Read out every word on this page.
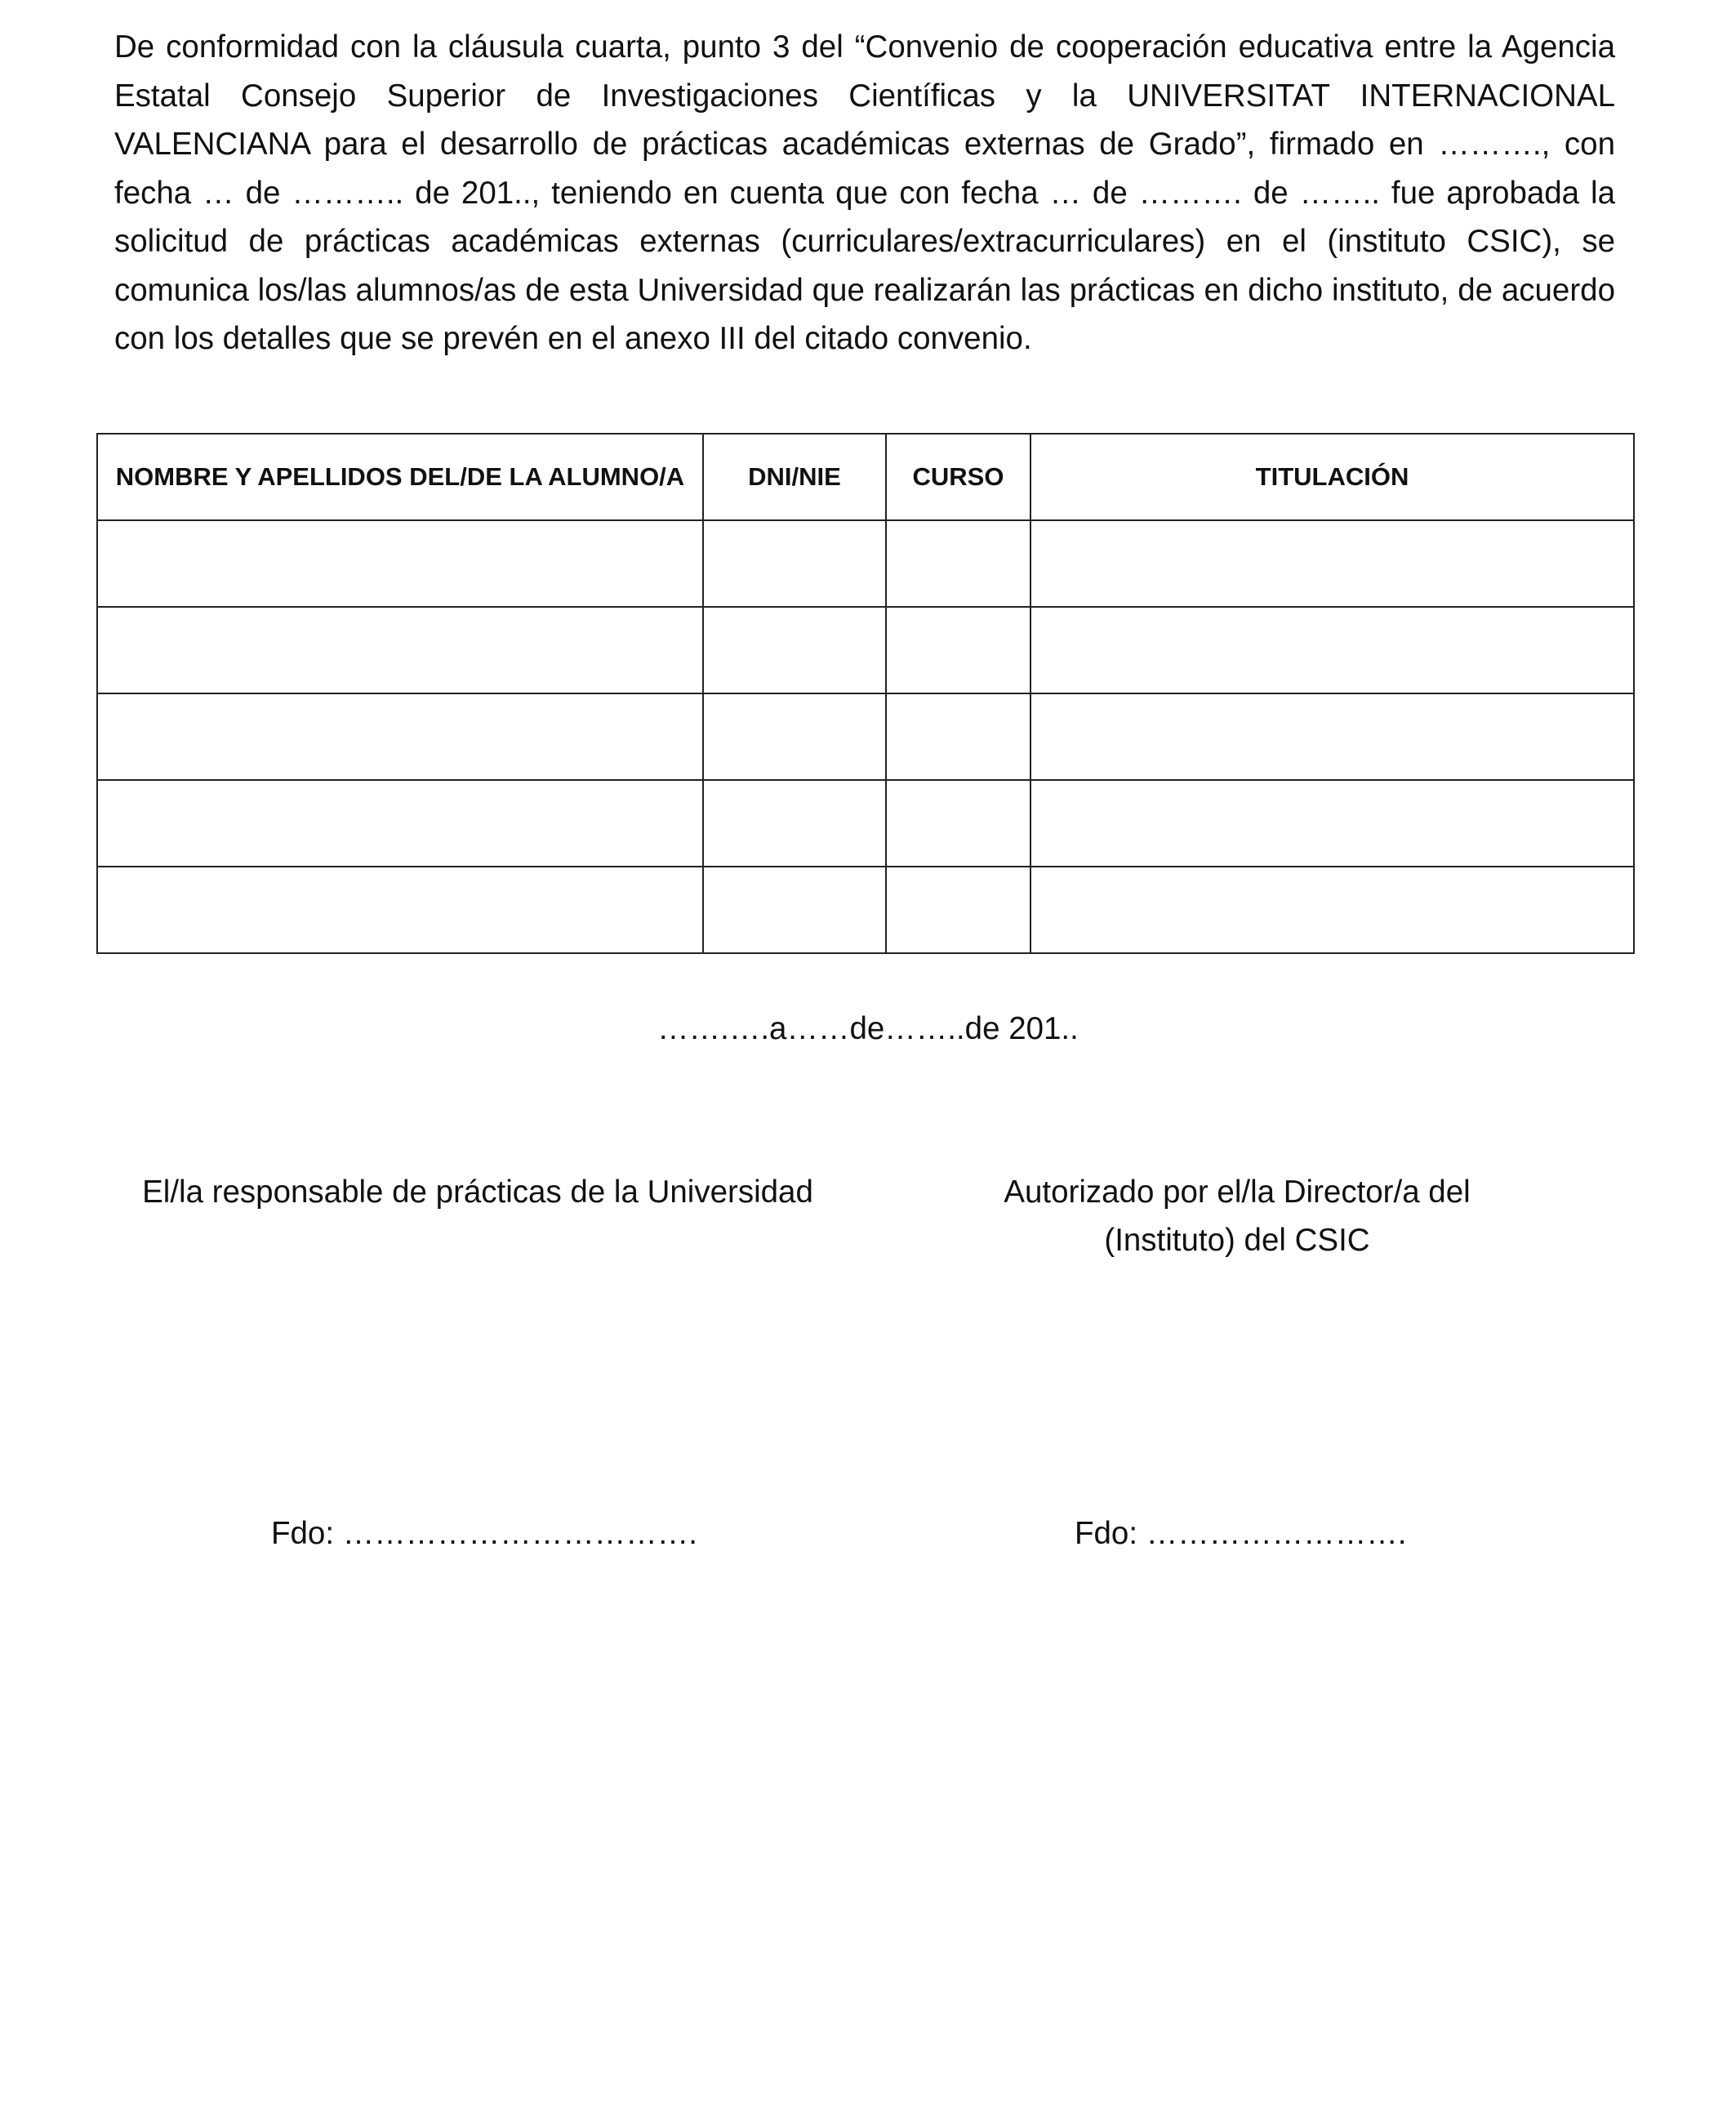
De conformidad con la cláusula cuarta, punto 3 del “Convenio de cooperación educativa entre la Agencia Estatal Consejo Superior de Investigaciones Científicas y la UNIVERSITAT INTERNACIONAL VALENCIANA para el desarrollo de prácticas académicas externas de Grado”, firmado en ………., con fecha … de ……….. de 201.., teniendo en cuenta que con fecha … de ………. de …….. fue aprobada la solicitud de prácticas académicas externas (curriculares/extracurriculares) en el (instituto CSIC), se comunica los/las alumnos/as de esta Universidad que realizarán las prácticas en dicho instituto, de acuerdo con los detalles que se prevén en el anexo III del citado convenio.

NOMBRE Y APELLIDOS DEL/DE LA ALUMNO/A	DNI/NIE	CURSO	TITULACIÓN

…….….a……de……..de 201..
El/la responsable de prácticas de la Universidad	Autorizado por el/la Director/a del (Instituto) del CSIC
Fdo: …………………………….	Fdo: …………………….
